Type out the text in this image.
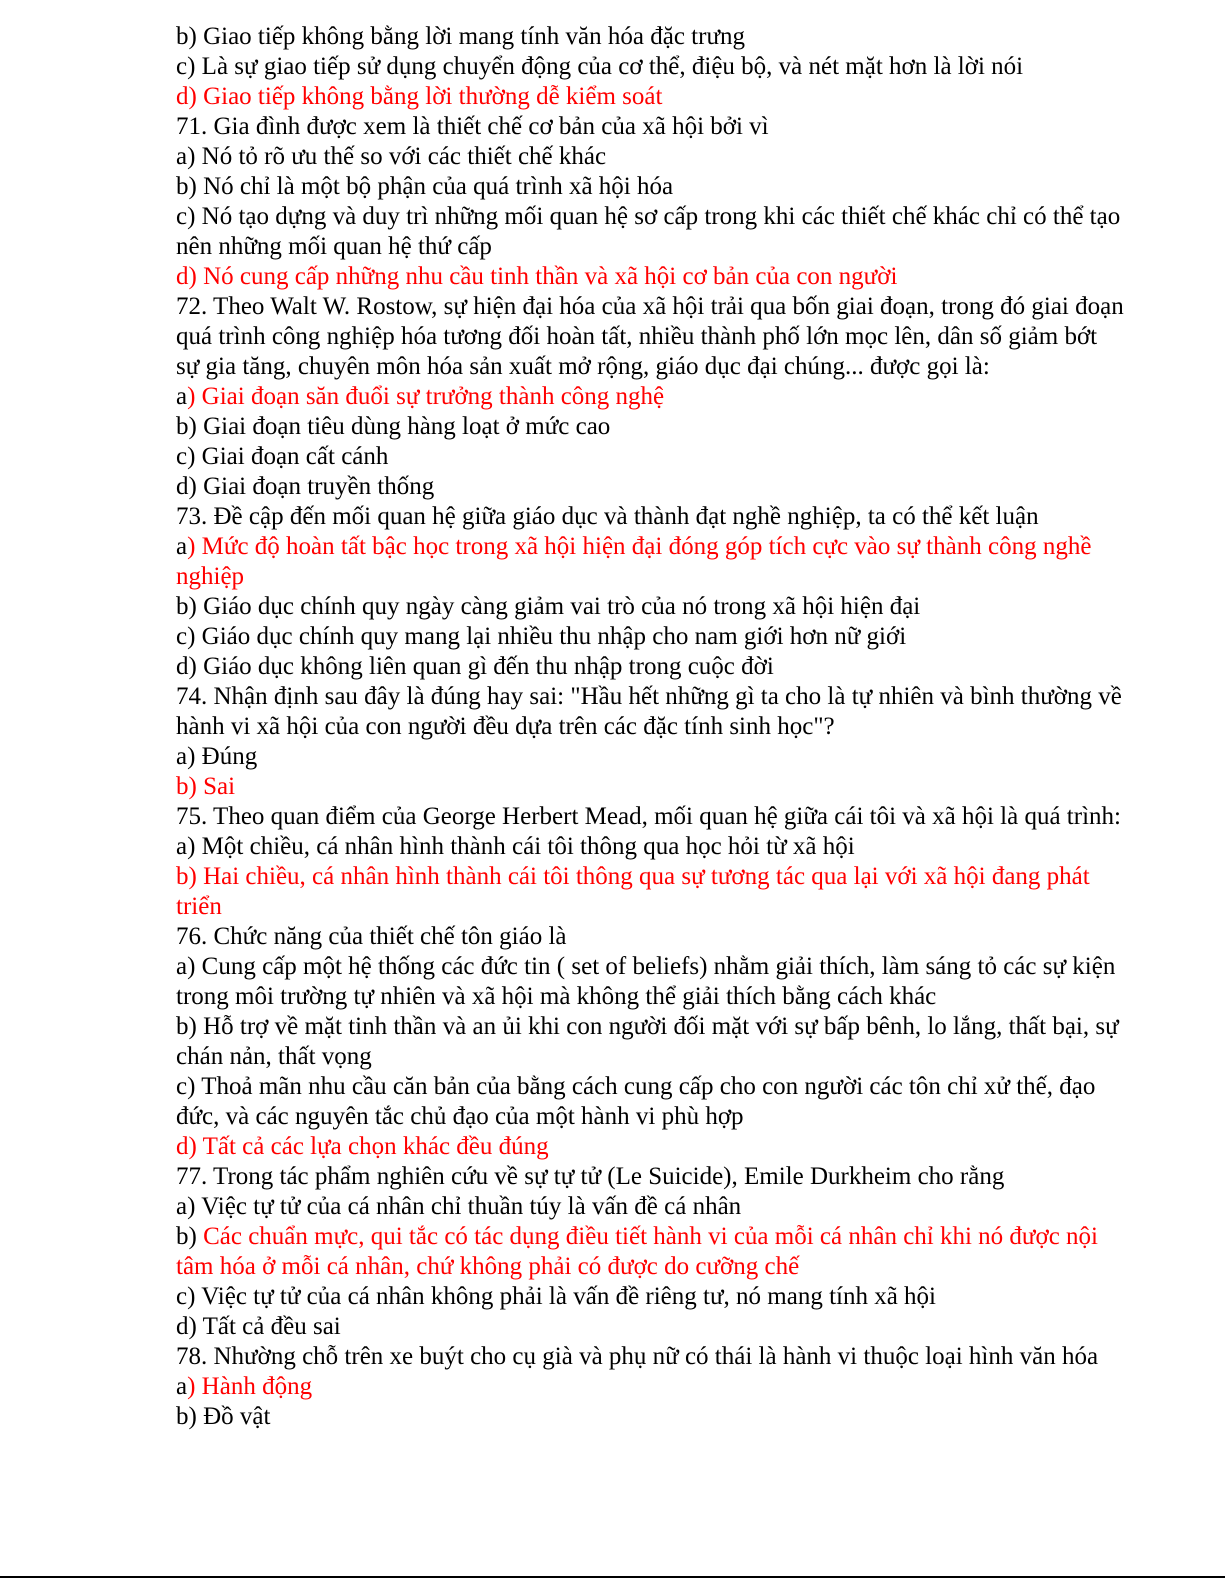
b) Giao tiếp không bằng lời mang tính văn hóa đặc trưng

c) Là sự giao tiếp sử dụng chuyển động của cơ thể, điệu bộ, và nét mặt hơn là lời nói

d) Giao tiếp không bằng lời thường dễ kiểm soát

71. Gia đình được xem là thiết chế cơ bản của xã hội bởi vì

a) Nó tỏ rõ ưu thế so với các thiết chế khác

b) Nó chỉ là một bộ phận của quá trình xã hội hóa

c) Nó tạo dựng và duy trì những mối quan hệ sơ cấp trong khi các thiết chế khác chỉ có thể tạo nên những mối quan hệ thứ cấp

d) Nó cung cấp những nhu cầu tinh thần và xã hội cơ bản của con người

72. Theo Walt W. Rostow, sự hiện đại hóa của xã hội trải qua bốn giai đoạn, trong đó giai đoạn quá trình công nghiệp hóa tương đối hoàn tất, nhiều thành phố lớn mọc lên, dân số giảm bớt sự gia tăng, chuyên môn hóa sản xuất mở rộng, giáo dục đại chúng... được gọi là:

a) Giai đoạn săn đuổi sự trưởng thành công nghệ

b) Giai đoạn tiêu dùng hàng loạt ở mức cao

c) Giai đoạn cất cánh

d) Giai đoạn truyền thống

73. Đề cập đến mối quan hệ giữa giáo dục và thành đạt nghề nghiệp, ta có thể kết luận

a) Mức độ hoàn tất bậc học trong xã hội hiện đại đóng góp tích cực vào sự thành công nghề nghiệp

b) Giáo dục chính quy ngày càng giảm vai trò của nó trong xã hội hiện đại

c) Giáo dục chính quy mang lại nhiều thu nhập cho nam giới hơn nữ giới

d) Giáo dục không liên quan gì đến thu nhập trong cuộc đời

74. Nhận định sau đây là đúng hay sai: "Hầu hết những gì ta cho là tự nhiên và bình thường về hành vi xã hội của con người đều dựa trên các đặc tính sinh học"?

a) Đúng

b) Sai

75. Theo quan điểm của George Herbert Mead, mối quan hệ giữa cái tôi và xã hội là quá trình:

a) Một chiều, cá nhân hình thành cái tôi thông qua học hỏi từ xã hội

b) Hai chiều, cá nhân hình thành cái tôi thông qua sự tương tác qua lại với xã hội đang phát triển

76. Chức năng của thiết chế tôn giáo là

a) Cung cấp một hệ thống các đức tin ( set of beliefs) nhằm giải thích, làm sáng tỏ các sự kiện trong môi trường tự nhiên và xã hội mà không thể giải thích bằng cách khác

b) Hỗ trợ về mặt tinh thần và an ủi khi con người đối mặt với sự bấp bênh, lo lắng, thất bại, sự chán nản, thất vọng

c) Thoả mãn nhu cầu căn bản của bằng cách cung cấp cho con người các tôn chỉ xử thế, đạo đức, và các nguyên tắc chủ đạo của một hành vi phù hợp

d) Tất cả các lựa chọn khác đều đúng

77. Trong tác phẩm nghiên cứu về sự tự tử (Le Suicide), Emile Durkheim cho rằng

a) Việc tự tử của cá nhân chỉ thuần túy là vấn đề cá nhân

b) Các chuẩn mực, qui tắc có tác dụng điều tiết hành vi của mỗi cá nhân chỉ khi nó được nội tâm hóa ở mỗi cá nhân, chứ không phải có được do cưỡng chế

c) Việc tự tử của cá nhân không phải là vấn đề riêng tư, nó mang tính xã hội

d) Tất cả đều sai

78. Nhường chỗ trên xe buýt cho cụ già và phụ nữ có thái là hành vi thuộc loại hình văn hóa

a) Hành động

b) Đồ vật
